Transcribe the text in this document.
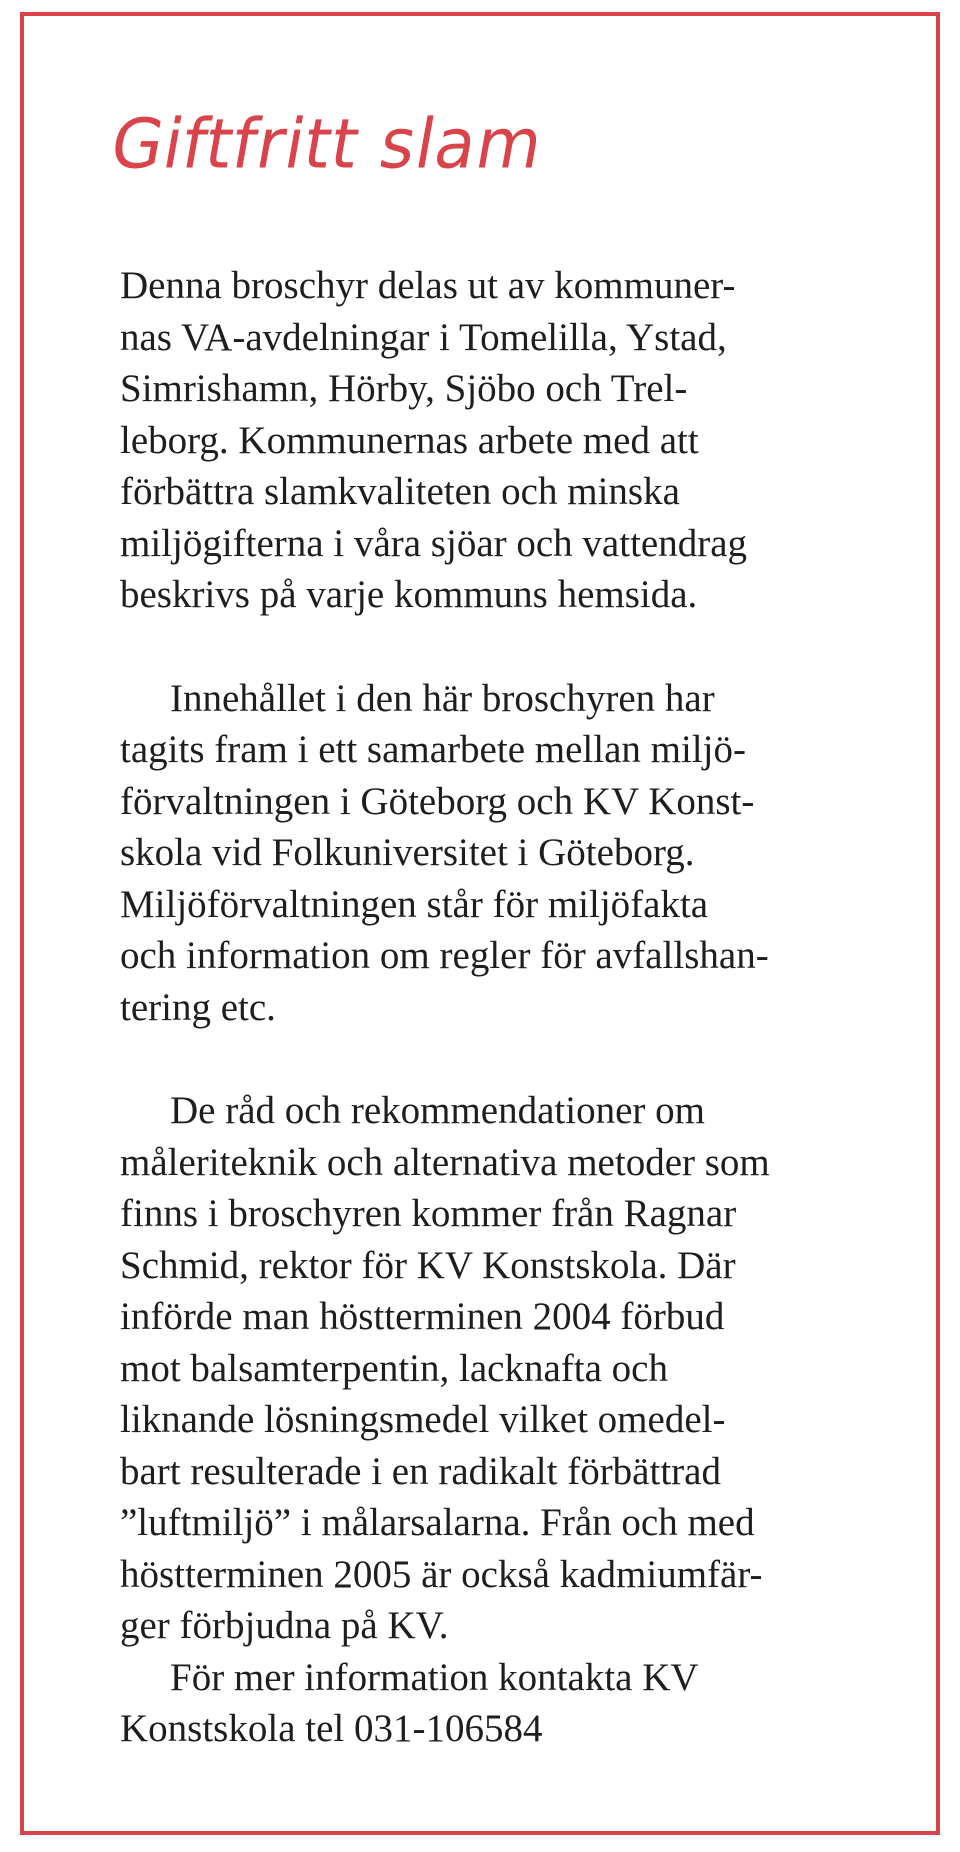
Giftfritt slam

Denna broschyr delas ut av kommuner-
nas VA-avdelningar i Tomelilla, Ystad,
Simrishamn, Hörby, Sjöbo och Trel-
leborg. Kommunernas arbete med att
förbättra slamkvaliteten och minska
miljögifterna i våra sjöar och vattendrag
beskrivs på varje kommuns hemsida.

Innehållet i den här broschyren har
tagits fram i ett samarbete mellan miljö-
förvaltningen i Göteborg och KV Konst-
skola vid Folkuniversitet i Göteborg.
Miljöförvaltningen står för miljöfakta
och information om regler för avfallshan-
tering etc.

De råd och rekommendationer om
måleriteknik och alternativa metoder som
finns i broschyren kommer från Ragnar
Schmid, rektor för KV Konstskola. Där
införde man höstterminen 2004 förbud
mot balsamterpentin, lacknafta och
liknande lösningsmedel vilket omedel-
bart resulterade i en radikalt förbättrad
”luftmiljö” i målarsalarna. Från och med
höstterminen 2005 är också kadmiumfär-
ger förbjudna på KV.

För mer information kontakta KV
Konstskola tel 031-106584
